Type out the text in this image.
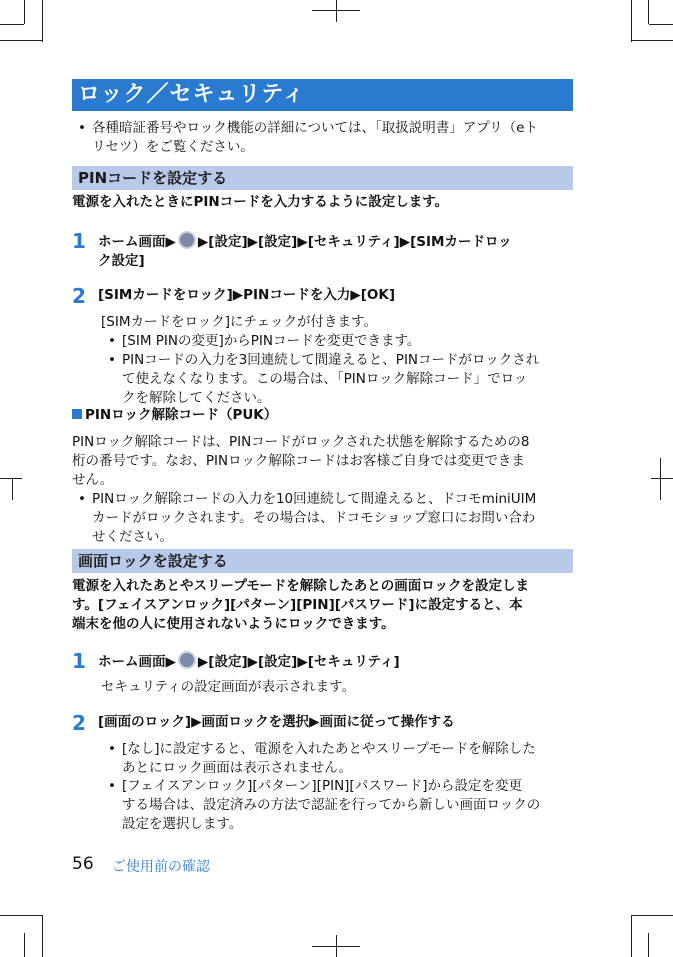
ロック／セキュリティ
• 各種暗証番号やロック機能の詳細については、「取扱説明書」アプリ（eト
リセツ）をご覧ください。
PINコードを設定する
電源を入れたときにPINコードを入力するように設定します。
1 ホーム画面▶ ▶[設定]▶[設定]▶[セキュリティ]▶[SIMカードロッ
ク設定]
2 [SIMカードをロック]▶PINコードを入力▶[OK]
[SIMカードをロック]にチェックが付きます。
• [SIM PINの変更]からPINコードを変更できます。
• PINコードの入力を3回連続して間違えると、PINコードがロックされ
て使えなくなります。この場合は、「PINロック解除コード」でロッ
クを解除してください。
PINロック解除コード（PUK）
PINロック解除コードは、PINコードがロックされた状態を解除するための8
桁の番号です。なお、PINロック解除コードはお客様ご自身では変更できま
せん。
• PINロック解除コードの入力を10回連続して間違えると、ドコモminiUIM
カードがロックされます。その場合は、ドコモショップ窓口にお問い合わ
せください。
画面ロックを設定する
電源を入れたあとやスリープモードを解除したあとの画面ロックを設定しま
す。[フェイスアンロック][パターン][PIN][パスワード]に設定すると、本
端末を他の人に使用されないようにロックできます。
1 ホーム画面▶ ▶[設定]▶[設定]▶[セキュリティ]
セキュリティの設定画面が表示されます。
2 [画面のロック]▶画面ロックを選択▶画面に従って操作する
• [なし]に設定すると、電源を入れたあとやスリープモードを解除した
あとにロック画面は表示されません。
• [フェイスアンロック][パターン][PIN][パスワード]から設定を変更
する場合は、設定済みの方法で認証を行ってから新しい画面ロックの
設定を選択します。
56 ご使用前の確認
